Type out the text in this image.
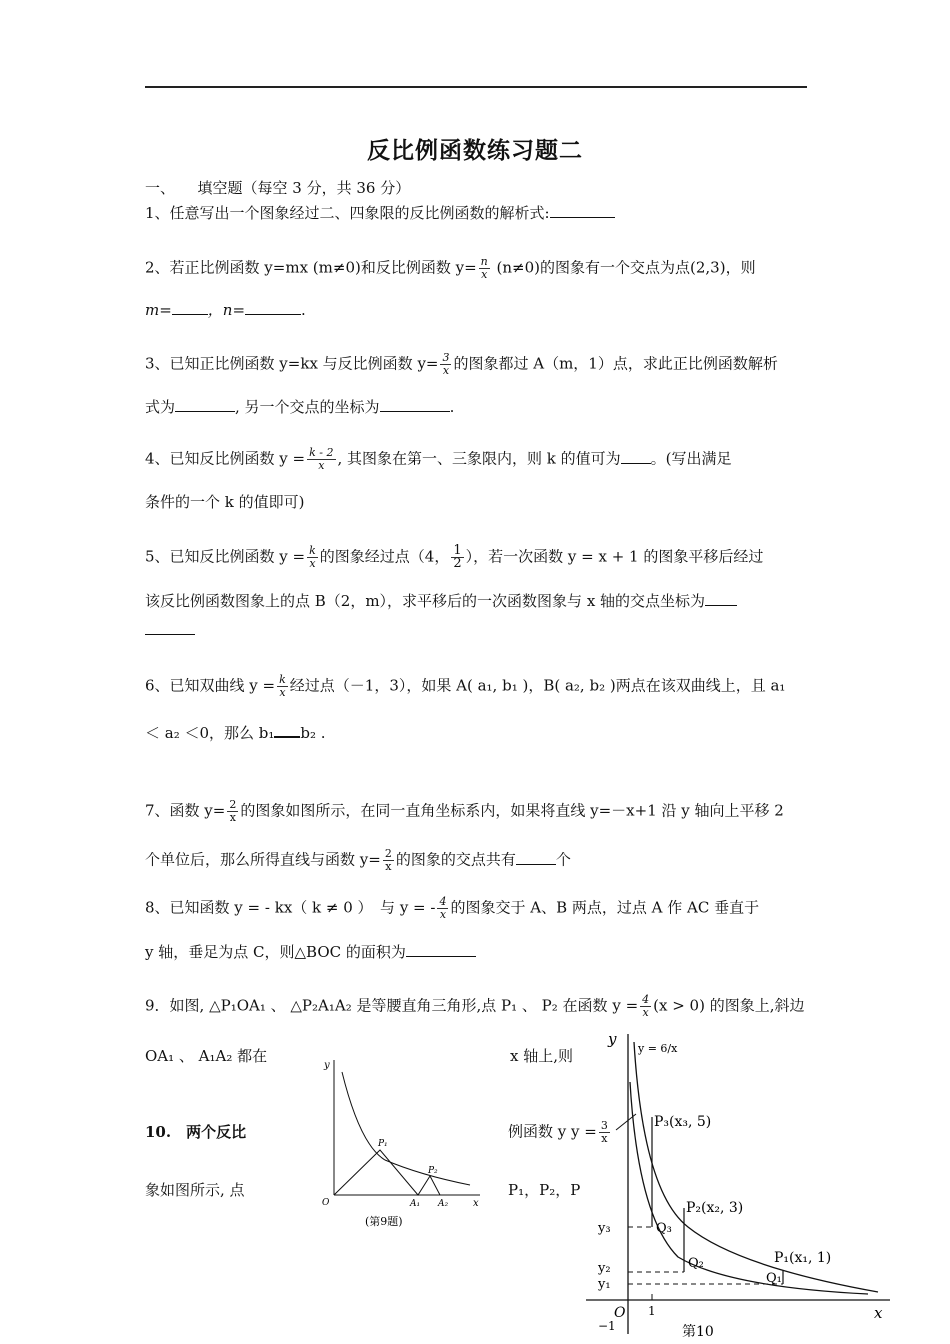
反比例函数练习题二
一、　　填空题（每空 3 分，共 36 分）
1、任意写出一个图象经过二、四象限的反比例函数的解析式:
2、若正比例函数 y=mx (m≠0)和反比例函数 $y= \frac{n}{x} (n\ne 0)$的图象有一个交点为点(2,3)，则
m= ，n=	.
3、已知正比例函数 y=kx 与反比例函数 $y= \frac{3}{x}$ 的图象都过 A（m，1）点，求此正比例函数解析
式为	, 另一个交点的坐标为	.
4、已知反比例函数 $y = \frac{k - 2}{x}$ , 其图象在第一、三象限内，则 k 的值可为 。(写出满足
条件的一个 k 的值即可)
5、已知反比例函数 $y = \frac{k}{x}$ 的图象经过点（4， $\frac{1}{2}$ ），若一次函数 y = x + 1 的图象平移后经过
该反比例函数图象上的点 B（2，m），求平移后的一次函数图象与 x 轴的交点坐标为
6、已知双曲线 $y = \frac{k}{x}$ 经过点（－1，3），如果 A( a₁, b₁ )，B( a₂, b₂ )两点在该双曲线上，且 a₁
＜ a₂ ＜0，那么 b₁ b₂ .
7、函数 $y= \frac{2}{x}$ 的图象如图所示，在同一直角坐标系内，如果将直线 y=－x+1 沿 y 轴向上平移 2
个单位后，那么所得直线与函数 $y= \frac{2}{x}$ 的图象的交点共有	个
8、已知函数 y = - kx（ k ≠ 0 ）　与 y = - $\frac{4}{x}$ 的图象交于 A、B 两点，过点 A 作 AC 垂直于
y 轴，垂足为点 C，则△BOC 的面积为
9．如图, △P₁OA₁ 、 △P₂A₁A₂ 是等腰直角三角形,点 P₁ 、 P₂ 在函数 $y = \frac{4}{x} (x > 0)$ 的图象上,斜边
OA₁ 、 A₁A₂ 都在	x 轴上,则
10.　两个反比	例函数 y $y = \frac{3}{x}$
象如图所示, 点	P₁，P₂，P
y
x
O
P₁
P₂
A₁ A₂
(第9题)
y
x
O
y = 6/x
P₃(x₃, 5)
P₂(x₂, 3)
P₁(x₁, 1)
Q₃
Q₂
Q₁
y₃
y₂
y₁
1
−1	第10
